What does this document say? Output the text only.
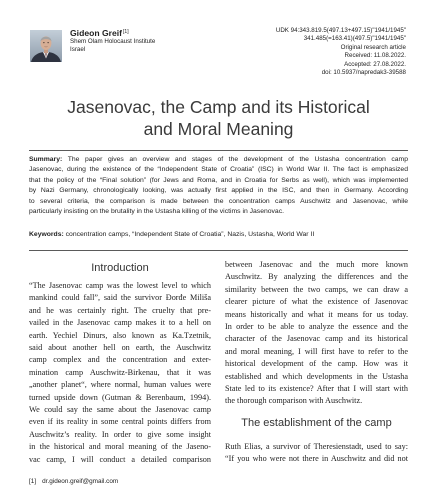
Gideon Greif[1]
Shem Olam Holocaust Institute
Israel
UDK 94:343.819.5(497.13+497.15)"1941/1945"
341.485(=163.41)(497.5)"1941/1945"
Original research article
Received: 11.08.2022.
Accepted: 27.08.2022.
doi: 10.5937/napredak3-39588
Jasenovac, the Camp and its Historical and Moral Meaning
Summary: The paper gives an overview and stages of the development of the Ustasha concentration camp
Jasenovac, during the existence of the “Independent State of Croatia” (ISC) in World War II. The fact is emphasized
that the policy of the “Final solution” (for Jews and Roma, and in Croatia for Serbs as well), which was implemented
by Nazi Germany, chronologically looking, was actually first applied in the ISC, and then in Germany. According
to several criteria, the comparison is made between the concentration camps Auschwitz and Jasenovac, while
particularly insisting on the brutality in the Ustasha killing of the victims in Jasenovac.
Keywords: concentration camps, “Independent State of Croatia”, Nazis, Ustasha, World War II
Introduction
“The Jasenovac camp was the lowest level to which
mankind could fall”, said the survivor Đorđe Miliša
and he was certainly right. The cruelty that pre-
vailed in the Jasenovac camp makes it to a hell on
earth. Yechiel Dinurs, also known as Ka.Tzetnik,
said about another hell on earth, the Auschwitz
camp complex and the concentration and exter-
mination camp Auschwitz-Birkenau, that it was
„another planet“, where normal, human values were
turned upside down (Gutman & Berenbaum, 1994).
We could say the same about the Jasenovac camp
even if its reality in some central points differs from
Auschwitz’s reality. In order to give some insight
in the historical and moral meaning of the Jaseno-
vac camp, I will conduct a detailed comparison
between Jasenovac and the much more known
Auschwitz. By analyzing the differences and the
similarity between the two camps, we can draw a
clearer picture of what the existence of Jasenovac
means historically and what it means for us today.
In order to be able to analyze the essence and the
character of the Jasenovac camp and its historical
and moral meaning, I will first have to refer to the
historical development of the camp. How was it
established and which developments in the Ustasha
State led to its existence? After that I will start with
the thorough comparison with Auschwitz.
The establishment of the camp
Ruth Elias, a survivor of Theresienstadt, used to say:
“If you who were not there in Auschwitz and did not
[1] dr.gideon.greif@gmail.com
